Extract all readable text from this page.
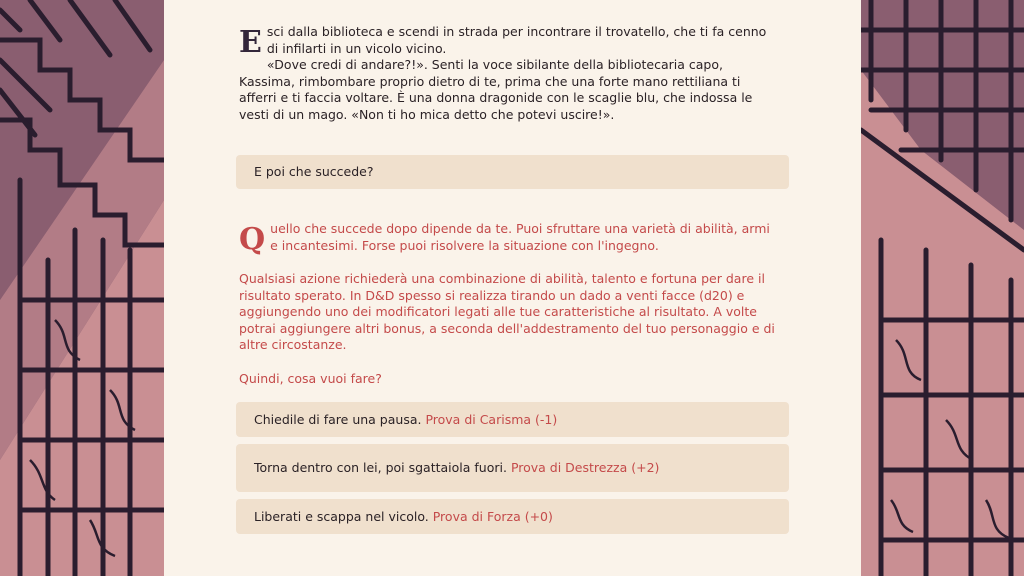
E sci dalla biblioteca e scendi in strada per incontrare il trovatello, che ti fa cenno di infilarti in un vicolo vicino.

«Dove credi di andare?!». Senti la voce sibilante della bibliotecaria capo, Kassima, rimbombare proprio dietro di te, prima che una forte mano rettiliana ti afferri e ti faccia voltare. È una donna dragonide con le scaglie blu, che indossa le vesti di un mago. «Non ti ho mica detto che potevi uscire!».

E poi che succede?

Quello che succede dopo dipende da te. Puoi sfruttare una varietà di abilità, armi e incantesimi. Forse puoi risolvere la situazione con l'ingegno.

Qualsiasi azione richiederà una combinazione di abilità, talento e fortuna per dare il risultato sperato. In D&D spesso si realizza tirando un dado a venti facce (d20) e aggiungendo uno dei modificatori legati alle tue caratteristiche al risultato. A volte potrai aggiungere altri bonus, a seconda dell'addestramento del tuo personaggio e di altre circostanze.

Quindi, cosa vuoi fare?

Chiedile di fare una pausa. Prova di Carisma (-1)
Torna dentro con lei, poi sgattaiola fuori. Prova di Destrezza (+2)
Liberati e scappa nel vicolo. Prova di Forza (+0)
